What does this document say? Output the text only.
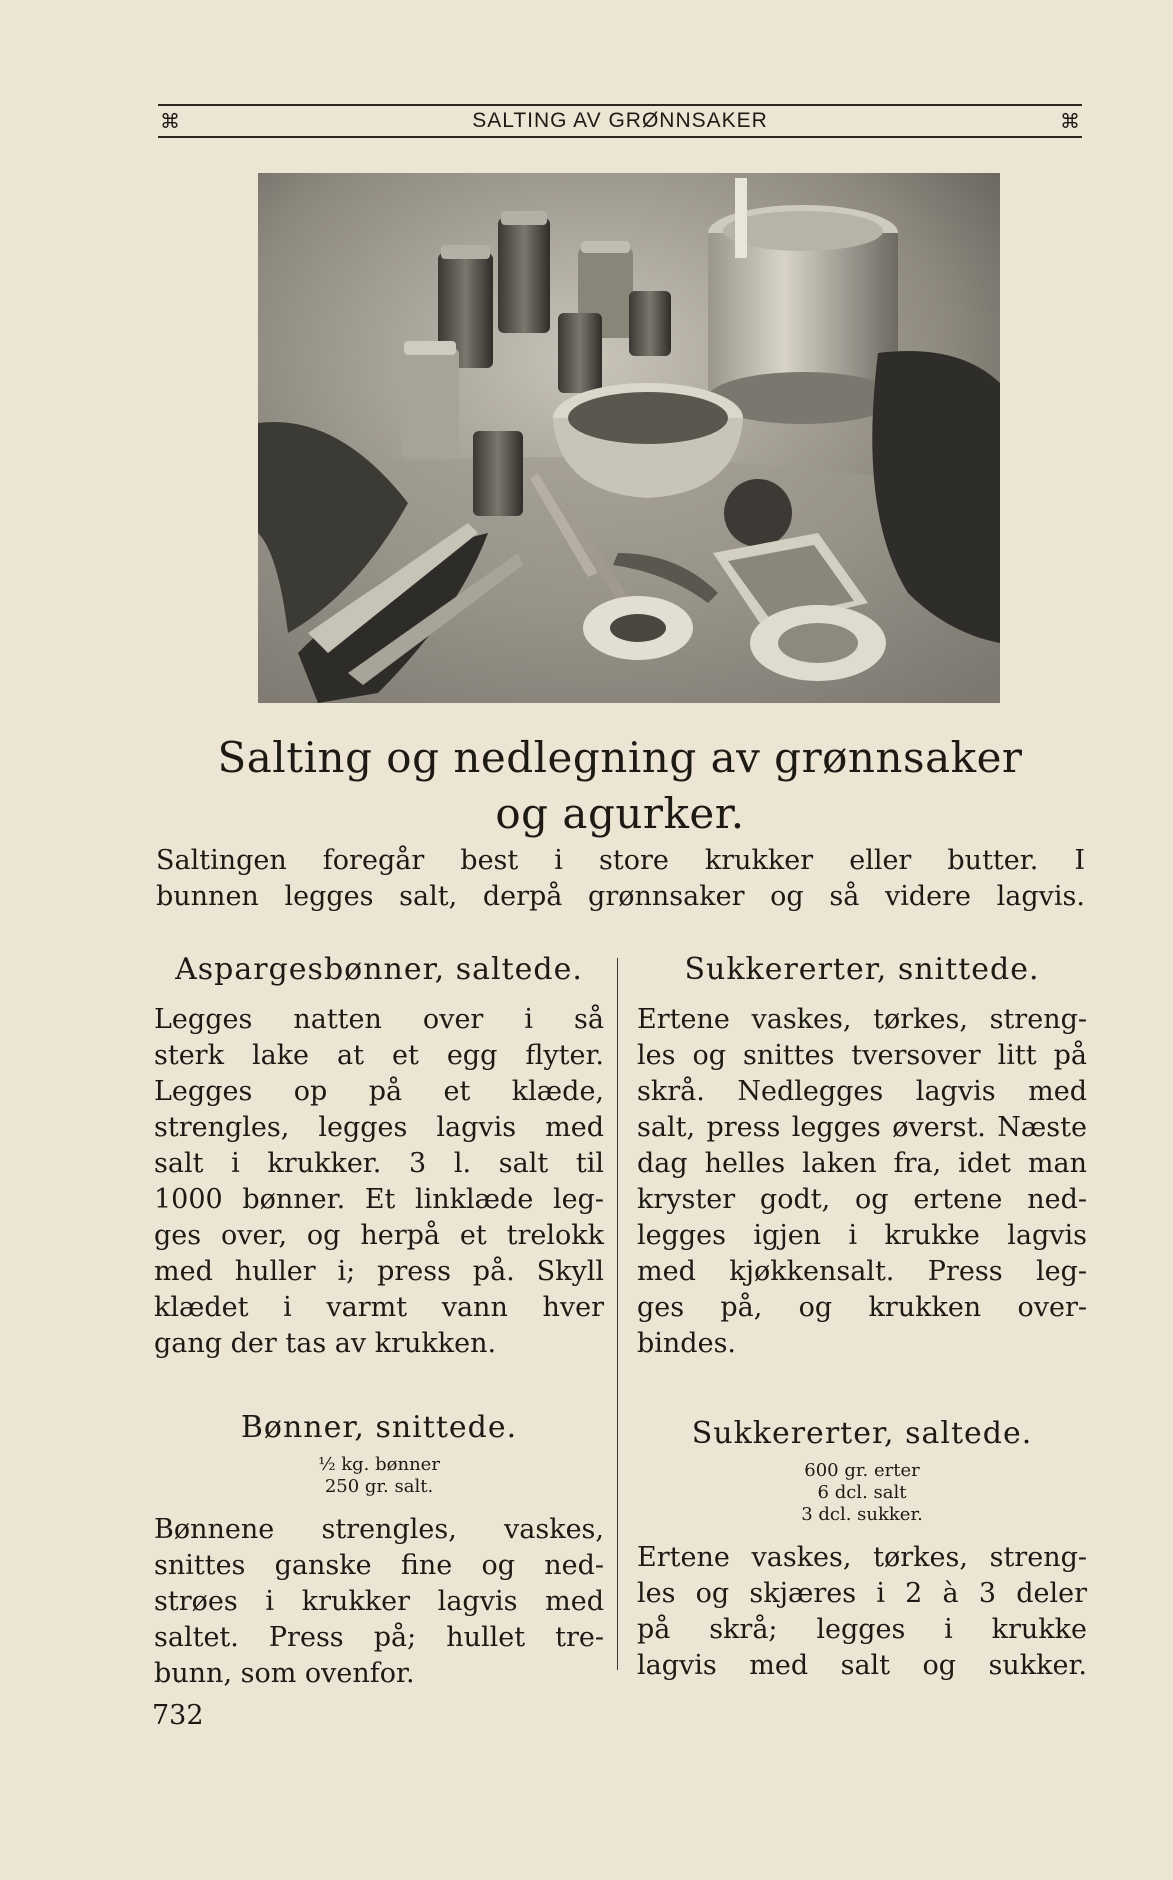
⌘	SALTING AV GRØNNSAKER	⌘
Salting og nedlegning av grønnsaker
og agurker.
Saltingen foregår best i store krukker eller butter. I
bunnen legges salt, derpå grønnsaker og så videre lagvis.
Aspargesbønner, saltede.
Legges natten over i så
sterk lake at et egg flyter.
Legges op på et klæde,
strengles, legges lagvis med
salt i krukker. 3 l. salt til
1000 bønner. Et linklæde leg-
ges over, og herpå et trelokk
med huller i; press på. Skyll
klædet i varmt vann hver
gang der tas av krukken.
Bønner, snittede.
½ kg. bønner
250 gr. salt.
Bønnene strengles, vaskes,
snittes ganske fine og ned-
strøes i krukker lagvis med
saltet. Press på; hullet tre-
bunn, som ovenfor.
Sukkererter, snittede.
Ertene vaskes, tørkes, streng-
les og snittes tversover litt på
skrå. Nedlegges lagvis med
salt, press legges øverst. Næste
dag helles laken fra, idet man
kryster godt, og ertene ned-
legges igjen i krukke lagvis
med kjøkkensalt. Press leg-
ges på, og krukken over-
bindes.
Sukkererter, saltede.
600 gr. erter
6 dcl. salt
3 dcl. sukker.
Ertene vaskes, tørkes, streng-
les og skjæres i 2 à 3 deler
på skrå; legges i krukke
lagvis med salt og sukker.
732
